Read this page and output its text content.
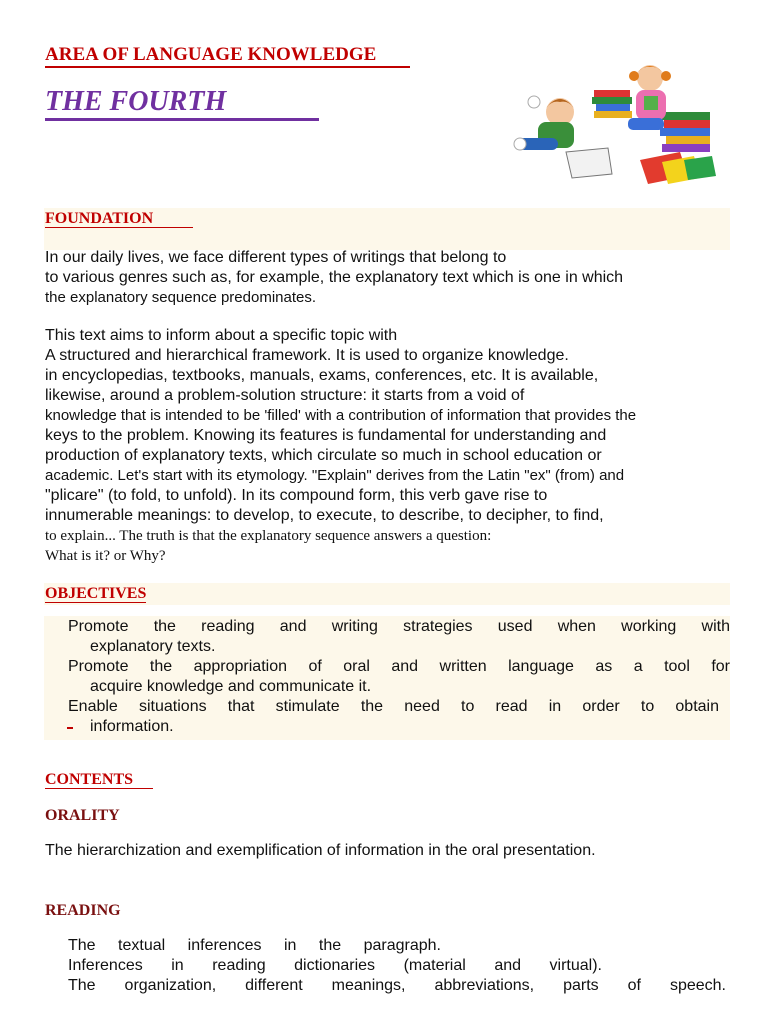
AREA OF LANGUAGE KNOWLEDGE
THE FOURTH
FOUNDATION
In our daily lives, we face different types of writings that belong to
to various genres such as, for example, the explanatory text which is one in which
the explanatory sequence predominates.
This text aims to inform about a specific topic with
A structured and hierarchical framework. It is used to organize knowledge.
in encyclopedias, textbooks, manuals, exams, conferences, etc. It is available,
likewise, around a problem-solution structure: it starts from a void of
knowledge that is intended to be 'filled' with a contribution of information that provides the
keys to the problem. Knowing its features is fundamental for understanding and
production of explanatory texts, which circulate so much in school education or
academic. Let's start with its etymology. "Explain" derives from the Latin "ex" (from) and
"plicare" (to fold, to unfold). In its compound form, this verb gave rise to
innumerable meanings: to develop, to execute, to describe, to decipher, to find,
to explain... The truth is that the explanatory sequence answers a question:
What is it? or Why?
OBJECTIVES
Promote the reading and writing strategies used when working with
explanatory texts.
Promote the appropriation of oral and written language as a tool for
acquire knowledge and communicate it.
Enable situations that stimulate the need to read in order to obtain
information.
CONTENTS
ORALITY
The hierarchization and exemplification of information in the oral presentation.
READING
The textual inferences in the paragraph.
Inferences in reading dictionaries (material and virtual).
The organization, different meanings, abbreviations, parts of speech.
